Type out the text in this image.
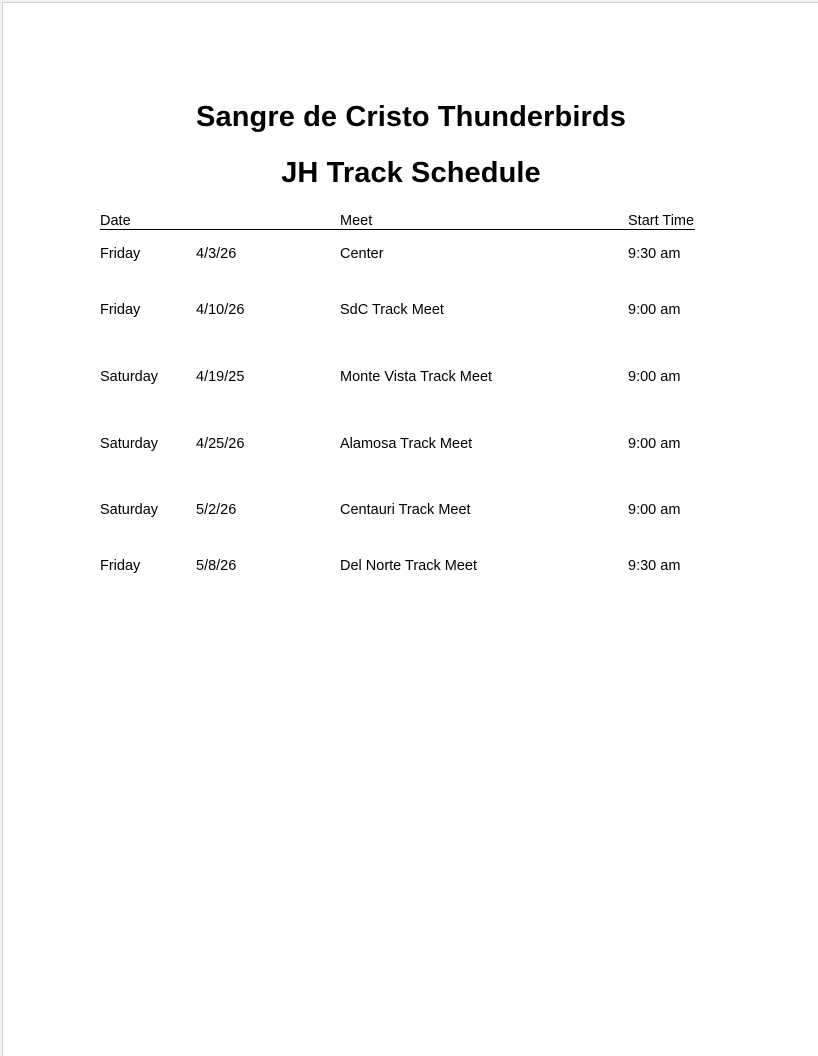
Sangre de Cristo Thunderbirds
JH Track Schedule
Date	Meet	Start Time
Friday	4/3/26	Center	9:30 am
Friday	4/10/26	SdC Track Meet	9:00 am
Saturday	4/19/25	Monte Vista Track Meet	9:00 am
Saturday	4/25/26	Alamosa Track Meet	9:00 am
Saturday	5/2/26	Centauri Track Meet	9:00 am
Friday	5/8/26	Del Norte Track Meet	9:30 am
